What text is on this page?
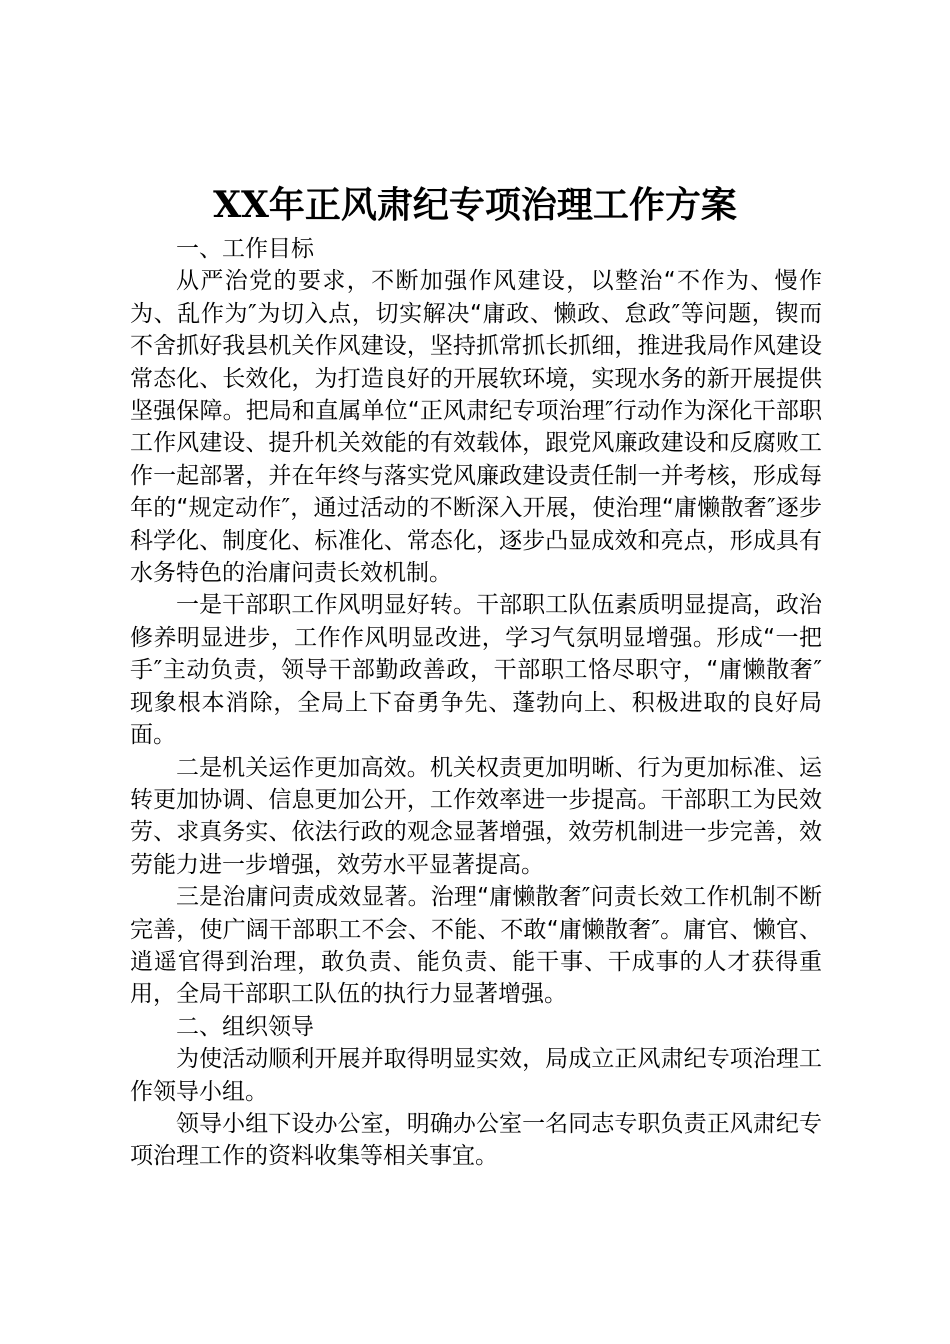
XX年正风肃纪专项治理工作方案

一、工作目标

从严治党的要求，不断加强作风建设，以整治“不作为、慢作为、乱作为″为切入点，切实解决“庸政、懒政、怠政″等问题，锲而不舍抓好我县机关作风建设，坚持抓常抓长抓细，推进我局作风建设常态化、长效化，为打造良好的开展软环境，实现水务的新开展提供坚强保障。把局和直属单位“正风肃纪专项治理″行动作为深化干部职工作风建设、提升机关效能的有效载体，跟党风廉政建设和反腐败工作一起部署，并在年终与落实党风廉政建设责任制一并考核，形成每年的“规定动作″，通过活动的不断深入开展，使治理“庸懒散奢″逐步科学化、制度化、标准化、常态化，逐步凸显成效和亮点，形成具有水务特色的治庸问责长效机制。

一是干部职工作风明显好转。干部职工队伍素质明显提高，政治修养明显进步，工作作风明显改进，学习气氛明显增强。形成“一把手″主动负责，领导干部勤政善政，干部职工恪尽职守，“庸懒散奢″现象根本消除，全局上下奋勇争先、蓬勃向上、积极进取的良好局面。

二是机关运作更加高效。机关权责更加明晰、行为更加标准、运转更加协调、信息更加公开，工作效率进一步提高。干部职工为民效劳、求真务实、依法行政的观念显著增强，效劳机制进一步完善，效劳能力进一步增强，效劳水平显著提高。

三是治庸问责成效显著。治理“庸懒散奢″问责长效工作机制不断完善，使广阔干部职工不会、不能、不敢“庸懒散奢″。庸官、懒官、逍遥官得到治理，敢负责、能负责、能干事、干成事的人才获得重用，全局干部职工队伍的执行力显著增强。

二、组织领导

为使活动顺利开展并取得明显实效，局成立正风肃纪专项治理工作领导小组。

领导小组下设办公室，明确办公室一名同志专职负责正风肃纪专项治理工作的资料收集等相关事宜。
